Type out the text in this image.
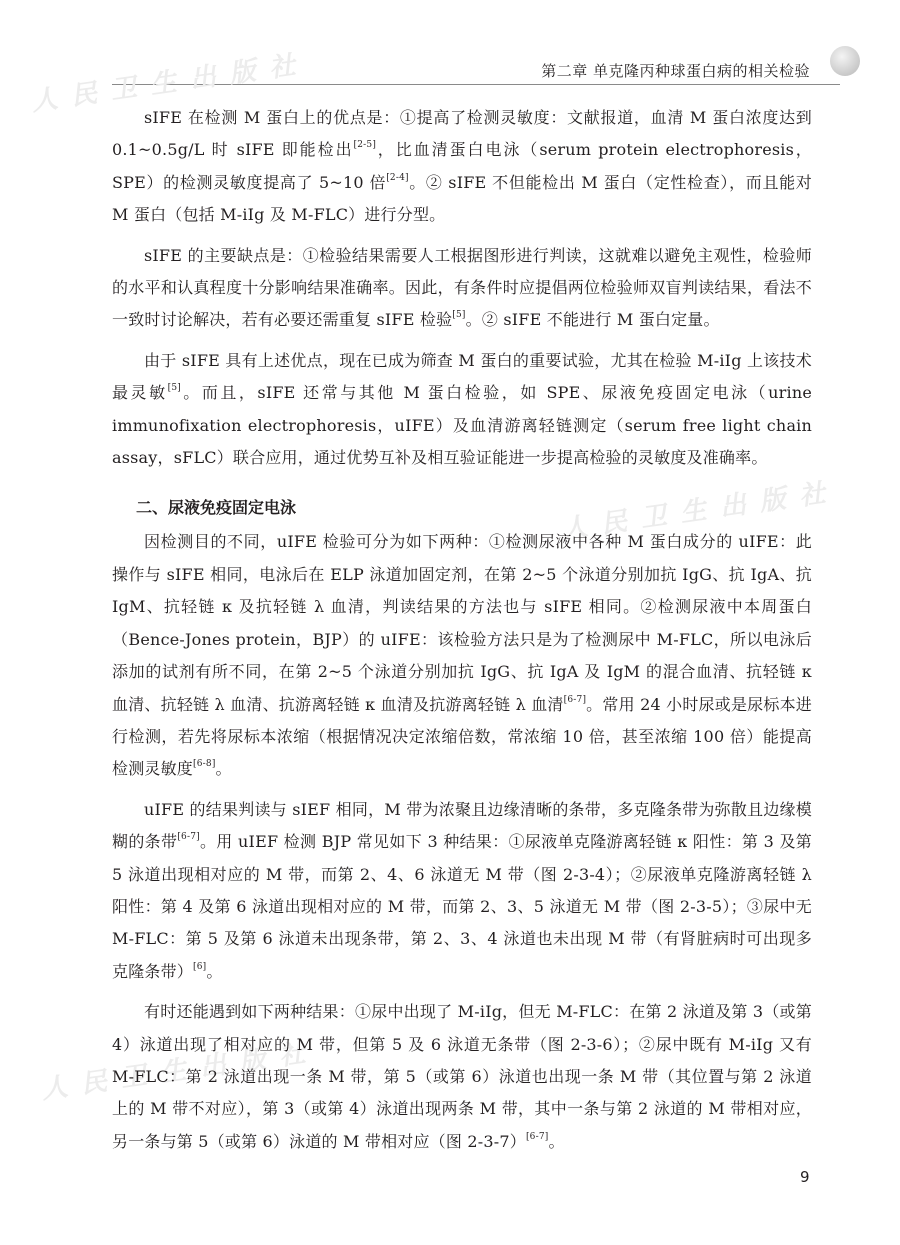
第二章 单克隆丙种球蛋白病的相关检验
人民卫生出版社
人民卫生出版社
人民卫生出版社

sIFE 在检测 M 蛋白上的优点是：①提高了检测灵敏度：文献报道，血清 M 蛋白浓度达到 0.1~0.5g/L 时 sIFE 即能检出[2-5]，比血清蛋白电泳（serum protein electrophoresis，SPE）的检测灵敏度提高了 5~10 倍[2-4]。② sIFE 不但能检出 M 蛋白（定性检查），而且能对 M 蛋白（包括 M-iIg 及 M-FLC）进行分型。

sIFE 的主要缺点是：①检验结果需要人工根据图形进行判读，这就难以避免主观性，检验师的水平和认真程度十分影响结果准确率。因此，有条件时应提倡两位检验师双盲判读结果，看法不一致时讨论解决，若有必要还需重复 sIFE 检验[5]。② sIFE 不能进行 M 蛋白定量。

由于 sIFE 具有上述优点，现在已成为筛查 M 蛋白的重要试验，尤其在检验 M-iIg 上该技术最灵敏[5]。而且，sIFE 还常与其他 M 蛋白检验，如 SPE、尿液免疫固定电泳（urine immunofixation electrophoresis，uIFE）及血清游离轻链测定（serum free light chain assay，sFLC）联合应用，通过优势互补及相互验证能进一步提高检验的灵敏度及准确率。

二、尿液免疫固定电泳

因检测目的不同，uIFE 检验可分为如下两种：①检测尿液中各种 M 蛋白成分的 uIFE：此操作与 sIFE 相同，电泳后在 ELP 泳道加固定剂，在第 2~5 个泳道分别加抗 IgG、抗 IgA、抗 IgM、抗轻链 κ 及抗轻链 λ 血清，判读结果的方法也与 sIFE 相同。②检测尿液中本周蛋白（Bence-Jones protein，BJP）的 uIFE：该检验方法只是为了检测尿中 M-FLC，所以电泳后添加的试剂有所不同，在第 2~5 个泳道分别加抗 IgG、抗 IgA 及 IgM 的混合血清、抗轻链 κ 血清、抗轻链 λ 血清、抗游离轻链 κ 血清及抗游离轻链 λ 血清[6-7]。常用 24 小时尿或是尿标本进行检测，若先将尿标本浓缩（根据情况决定浓缩倍数，常浓缩 10 倍，甚至浓缩 100 倍）能提高检测灵敏度[6-8]。

uIFE 的结果判读与 sIEF 相同，M 带为浓聚且边缘清晰的条带，多克隆条带为弥散且边缘模糊的条带[6-7]。用 uIEF 检测 BJP 常见如下 3 种结果：①尿液单克隆游离轻链 κ 阳性：第 3 及第 5 泳道出现相对应的 M 带，而第 2、4、6 泳道无 M 带（图 2-3-4）；②尿液单克隆游离轻链 λ 阳性：第 4 及第 6 泳道出现相对应的 M 带，而第 2、3、5 泳道无 M 带（图 2-3-5）；③尿中无 M-FLC：第 5 及第 6 泳道未出现条带，第 2、3、4 泳道也未出现 M 带（有肾脏病时可出现多克隆条带）[6]。

有时还能遇到如下两种结果：①尿中出现了 M-iIg，但无 M-FLC：在第 2 泳道及第 3（或第 4）泳道出现了相对应的 M 带，但第 5 及 6 泳道无条带（图 2-3-6）；②尿中既有 M-iIg 又有 M-FLC：第 2 泳道出现一条 M 带，第 5（或第 6）泳道也出现一条 M 带（其位置与第 2 泳道上的 M 带不对应），第 3（或第 4）泳道出现两条 M 带，其中一条与第 2 泳道的 M 带相对应，另一条与第 5（或第 6）泳道的 M 带相对应（图 2-3-7）[6-7]。

9
